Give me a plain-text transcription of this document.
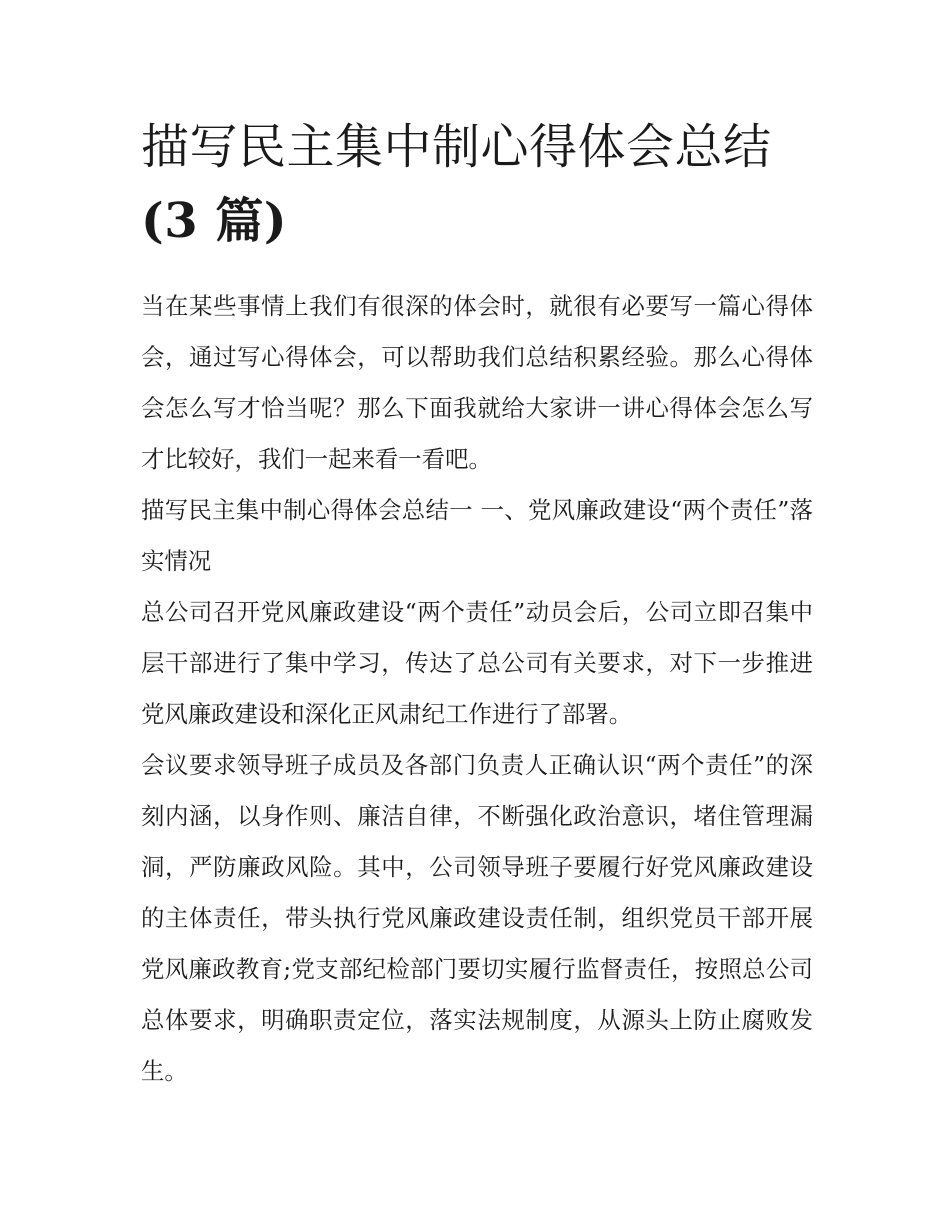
描写民主集中制心得体会总结
(3 篇)

当在某些事情上我们有很深的体会时，就很有必要写一篇心得体会，通过写心得体会，可以帮助我们总结积累经验。那么心得体会怎么写才恰当呢？那么下面我就给大家讲一讲心得体会怎么写才比较好，我们一起来看一看吧。

描写民主集中制心得体会总结一 一、党风廉政建设“两个责任”落实情况

总公司召开党风廉政建设“两个责任”动员会后，公司立即召集中层干部进行了集中学习，传达了总公司有关要求，对下一步推进党风廉政建设和深化正风肃纪工作进行了部署。

会议要求领导班子成员及各部门负责人正确认识“两个责任”的深刻内涵，以身作则、廉洁自律，不断强化政治意识，堵住管理漏洞，严防廉政风险。其中，公司领导班子要履行好党风廉政建设的主体责任，带头执行党风廉政建设责任制，组织党员干部开展党风廉政教育;党支部纪检部门要切实履行监督责任，按照总公司总体要求，明确职责定位，落实法规制度，从源头上防止腐败发生。
